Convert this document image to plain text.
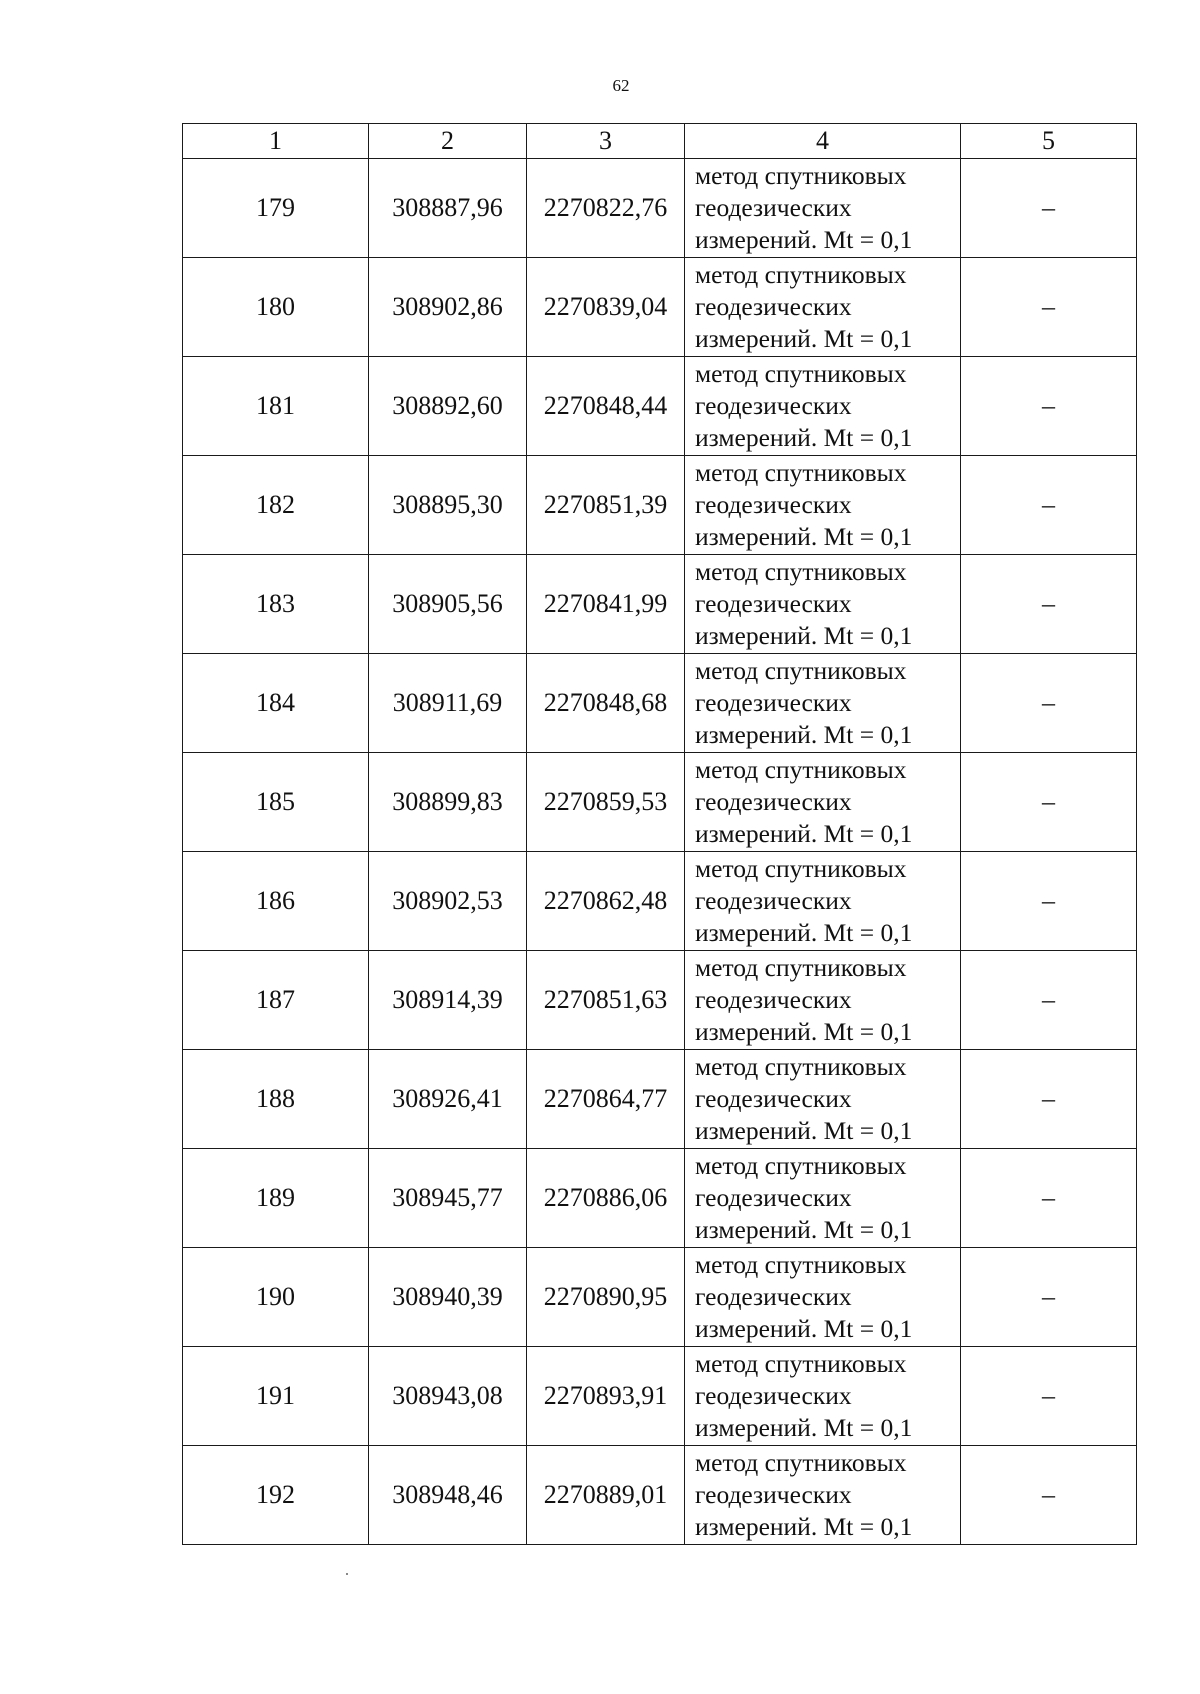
62
1	2	3	4	5
179	308887,96	2270822,76	метод спутниковых
геодезических
измерений. Mt = 0,1	–
180	308902,86	2270839,04	метод спутниковых
геодезических
измерений. Mt = 0,1	–
181	308892,60	2270848,44	метод спутниковых
геодезических
измерений. Mt = 0,1	–
182	308895,30	2270851,39	метод спутниковых
геодезических
измерений. Mt = 0,1	–
183	308905,56	2270841,99	метод спутниковых
геодезических
измерений. Mt = 0,1	–
184	308911,69	2270848,68	метод спутниковых
геодезических
измерений. Mt = 0,1	–
185	308899,83	2270859,53	метод спутниковых
геодезических
измерений. Mt = 0,1	–
186	308902,53	2270862,48	метод спутниковых
геодезических
измерений. Mt = 0,1	–
187	308914,39	2270851,63	метод спутниковых
геодезических
измерений. Mt = 0,1	–
188	308926,41	2270864,77	метод спутниковых
геодезических
измерений. Mt = 0,1	–
189	308945,77	2270886,06	метод спутниковых
геодезических
измерений. Mt = 0,1	–
190	308940,39	2270890,95	метод спутниковых
геодезических
измерений. Mt = 0,1	–
191	308943,08	2270893,91	метод спутниковых
геодезических
измерений. Mt = 0,1	–
192	308948,46	2270889,01	метод спутниковых
геодезических
измерений. Mt = 0,1	–
